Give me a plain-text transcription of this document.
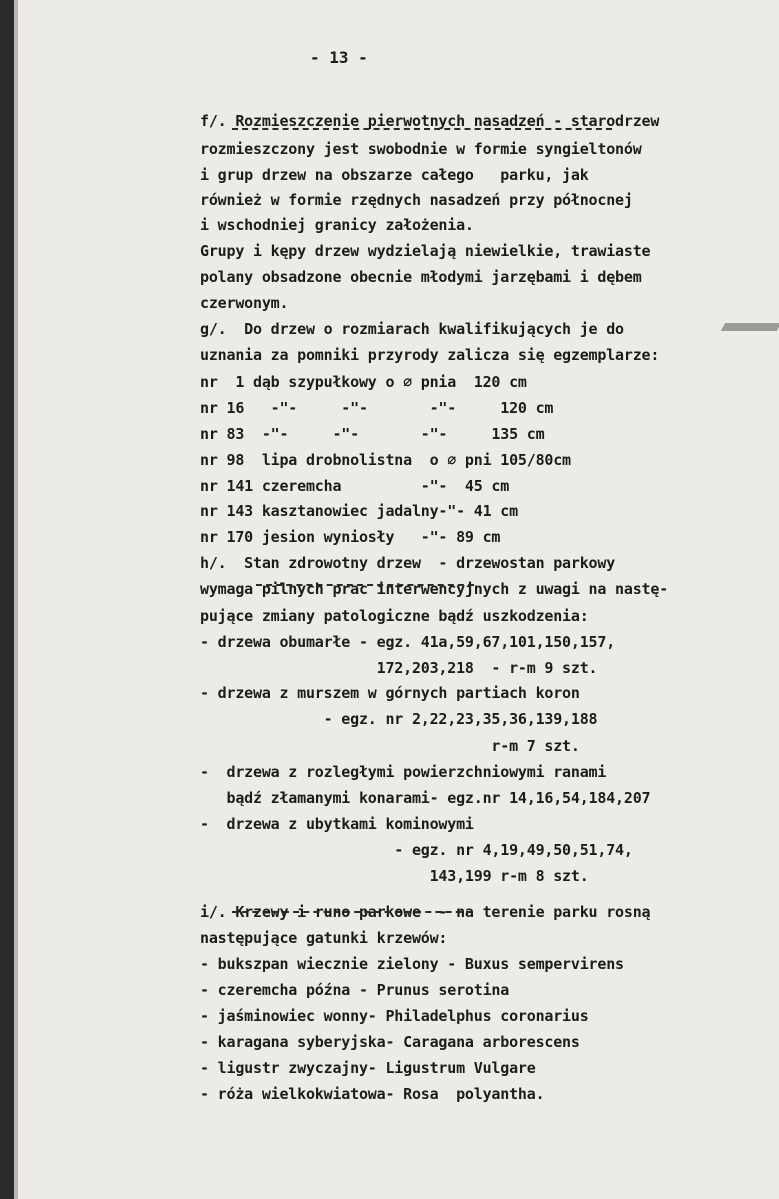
- 13 -
f/. Rozmieszczenie pierwotnych nasadzeń - starodrzew
rozmieszczony jest swobodnie w formie syngieltonów
i grup drzew na obszarze całego   parku, jak
również w formie rzędnych nasadzeń przy północnej
i wschodniej granicy założenia.
Grupy i kępy drzew wydzielają niewielkie, trawiaste
polany obsadzone obecnie młodymi jarzębami i dębem
czerwonym.
g/.  Do drzew o rozmiarach kwalifikujących je do
uznania za pomniki przyrody zalicza się egzemplarze:
nr  1 dąb szypułkowy o ∅ pnia  120 cm
nr 16   -"-     -"-       -"-     120 cm
nr 83  -"-     -"-       -"-     135 cm
nr 98  lipa drobnolistna  o ∅ pni 105/80cm
nr 141 czeremcha         -"-  45 cm
nr 143 kasztanowiec jadalny-"- 41 cm
nr 170 jesion wyniosły   -"- 89 cm
h/.  Stan zdrowotny drzew  - drzewostan parkowy
wymaga pilnych prac interwencyjnych z uwagi na nastę-
pujące zmiany patologiczne bądź uszkodzenia:
- drzewa obumarłe - egz. 41a,59,67,101,150,157,
172,203,218  - r-m 9 szt.
- drzewa z murszem w górnych partiach koron
- egz. nr 2,22,23,35,36,139,188
r-m 7 szt.
-  drzewa z rozległymi powierzchniowymi ranami
bądź złamanymi konarami- egz.nr 14,16,54,184,207
-  drzewa z ubytkami kominowymi
- egz. nr 4,19,49,50,51,74,
143,199 r-m 8 szt.
i/. Krzewy i runo parkowe  - na terenie parku rosną
następujące gatunki krzewów:
- bukszpan wiecznie zielony - Buxus sempervirens
- czeremcha późna - Prunus serotina
- jaśminowiec wonny- Philadelphus coronarius
- karagana syberyjska- Caragana arborescens
- ligustr zwyczajny- Ligustrum Vulgare
- róża wielkokwiatowa- Rosa  polyantha.
